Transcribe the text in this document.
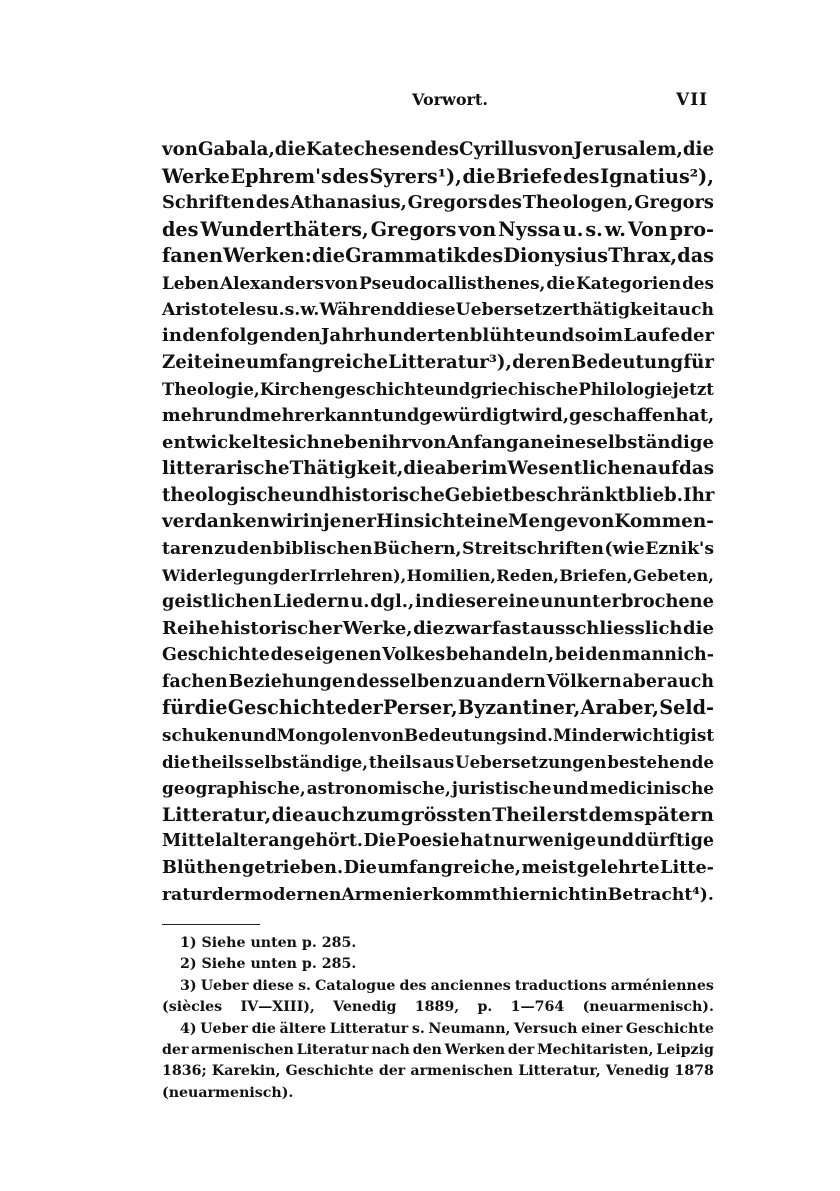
Vorwort.	VII
von Gabala, die Katechesen des Cyrillus von Jerusalem, die
Werke Ephrem's des Syrers¹), die Briefe des Ignatius²),
Schriften des Athanasius, Gregors des Theologen, Gregors
des Wunderthäters, Gregors von Nyssa u. s. w. Von pro-
fanen Werken: die Grammatik des Dionysius Thrax, das
Leben Alexanders von Pseudocallisthenes, die Kategorien des
Aristoteles u. s. w. Während diese Uebersetzerthätigkeit auch
in den folgenden Jahrhunderten blühte und so im Laufe der
Zeit eine umfangreiche Litteratur³), deren Bedeutung für
Theologie, Kirchengeschichte und griechische Philologie jetzt
mehr und mehr erkannt und gewürdigt wird, geschaffen hat,
entwickelte sich neben ihr von Anfang an eine selbständige
litterarische Thätigkeit, die aber im Wesentlichen auf das
theologische und historische Gebiet beschränkt blieb. Ihr
verdanken wir in jener Hinsicht eine Menge von Kommen-
taren zu den biblischen Büchern, Streitschriften (wie Eznik's
Widerlegung der Irrlehren), Homilien, Reden, Briefen, Gebeten,
geistlichen Liedern u. dgl., in dieser eine ununterbrochene
Reihe historischer Werke, die zwar fast ausschliesslich die
Geschichte des eigenen Volkes behandeln, bei den mannich-
fachen Beziehungen desselben zu andern Völkern aber auch
für die Geschichte der Perser, Byzantiner, Araber, Seld-
schuken und Mongolen von Bedeutung sind. Minder wichtig ist
die theils selbständige, theils aus Uebersetzungen bestehende
geographische, astronomische, juristische und medicinische
Litteratur, die auch zum grössten Theil erst dem spätern
Mittelalter angehört. Die Poesie hat nur wenige und dürftige
Blüthen getrieben. Die umfangreiche, meist gelehrte Litte-
ratur der modernen Armenier kommt hier nicht in Betracht⁴).
1) Siehe unten p. 285.
2) Siehe unten p. 285.
3) Ueber diese s. Catalogue des anciennes traductions arméniennes
(siècles IV—XIII), Venedig 1889, p. 1—764 (neuarmenisch).
4) Ueber die ältere Litteratur s. Neumann, Versuch einer Geschichte
der armenischen Literatur nach den Werken der Mechitaristen, Leipzig
1836; Karekin, Geschichte der armenischen Litteratur, Venedig 1878
(neuarmenisch).
